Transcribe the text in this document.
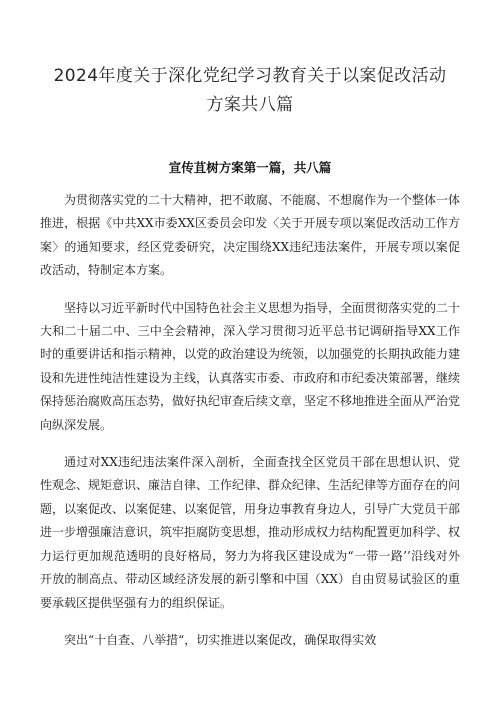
2024年度关于深化党纪学习教育关于以案促改活动方案共八篇
宣传苴树方案第一篇，共八篇

为贯彻落实党的二十大精神，把不敢腐、不能腐、不想腐作为一个整体一体推进，根据《中共XX市委XX区委员会印发〈关于开展专项以案促改活动工作方案〉的通知要求，经区党委研究，决定围绕XX违纪违法案件，开展专项以案促改活动，特制定本方案。

坚持以习近平新时代中国特色社会主义思想为指导，全面贯彻落实党的二十大和二十届二中、三中全会精神，深入学习贯彻习近平总书记调研指导XX工作时的重要讲话和指示精神，以党的政治建设为统领，以加强党的长期执政能力建设和先进性纯洁性建设为主线，认真落实市委、市政府和市纪委决策部署，继续保持惩治腐败高压态势，做好执纪审查后续文章，坚定不移地推进全面从严治党向纵深发展。

通过对XX违纪违法案件深入剖析，全面查找全区党员干部在思想认识、党性观念、规矩意识、廉洁自律、工作纪律、群众纪律、生活纪律等方面存在的问题，以案促改、以案促建、以案促管，用身边事教育身边人，引导广大党员干部进一步增强廉洁意识，筑牢拒腐防变思想，推动形成权力结构配置更加科学、权力运行更加规范透明的良好格局，努力为将我区建设成为“一带一路’’沿线对外开放的制高点、带动区域经济发展的新引擎和中国（XX）自由贸易试验区的重要承载区提供坚强有力的组织保证。

突出“十自查、八举措“，切实推进以案促改，确保取得实效
